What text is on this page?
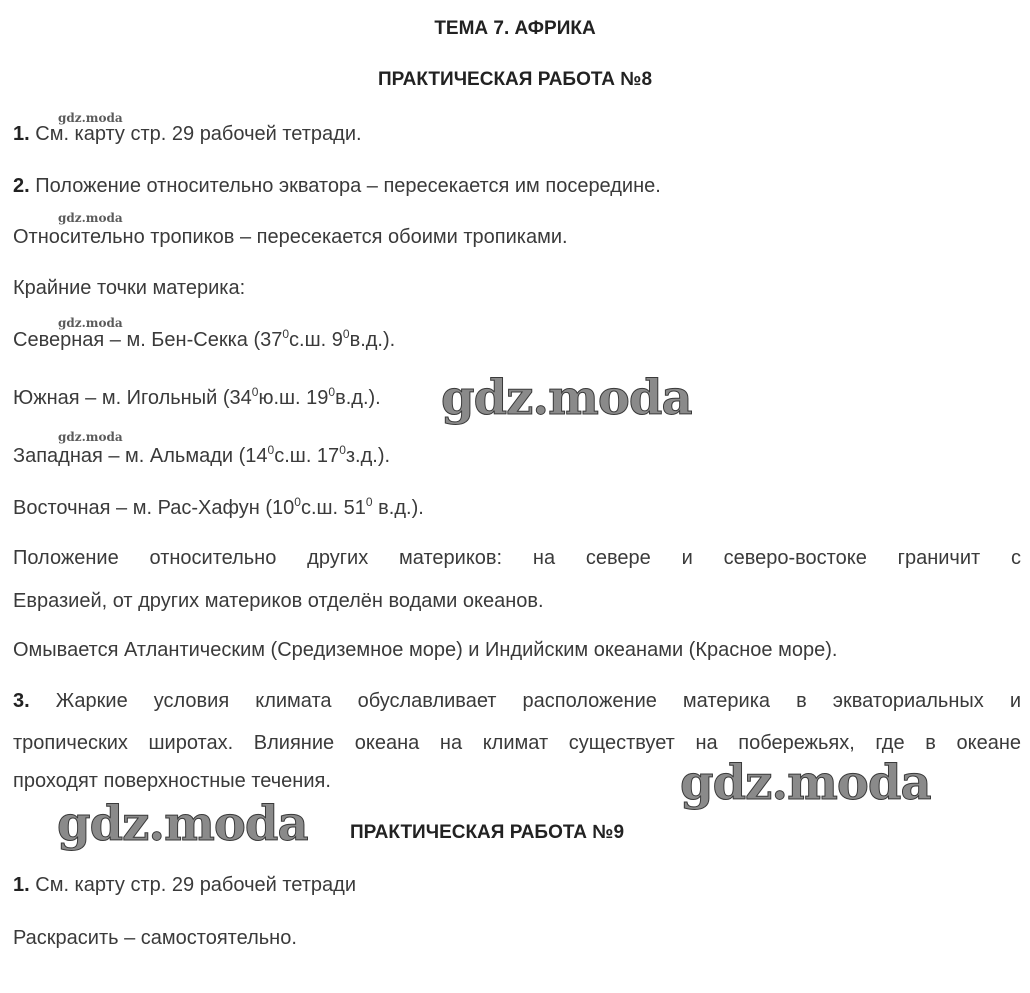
ТЕМА 7. АФРИКА
ПРАКТИЧЕСКАЯ РАБОТА №8
1. См. карту стр. 29 рабочей тетради.
2. Положение относительно экватора – пересекается им посередине.
Относительно тропиков – пересекается обоими тропиками.
Крайние точки материка:
Северная – м. Бен-Секка ($37^0с.ш$. $9^0в.д$.).
Южная – м. Игольный ($34^0ю.ш$. $19^0в.д$.).
Западная – м. Альмади ($14^0с.ш$. $17^0з.д$.).
Восточная – м. Рас-Хафун ($10^0с.ш$. $51^0$ в.д.).
Положение относительно других материков: на севере и северо-востоке граничит с
Евразией, от других материков отделён водами океанов.
Омывается Атлантическим (Средиземное море) и Индийским океанами (Красное море).
3. Жаркие условия климата обуславливает расположение материка в экваториальных и
тропических широтах. Влияние океана на климат существует на побережьях, где в океане
проходят поверхностные течения.
ПРАКТИЧЕСКАЯ РАБОТА №9
1. См. карту стр. 29 рабочей тетради
Раскрасить – самостоятельно.
gdz.moda
gdz.moda
gdz.moda
gdz.moda
gdz.moda
gdz.moda
gdz.moda
